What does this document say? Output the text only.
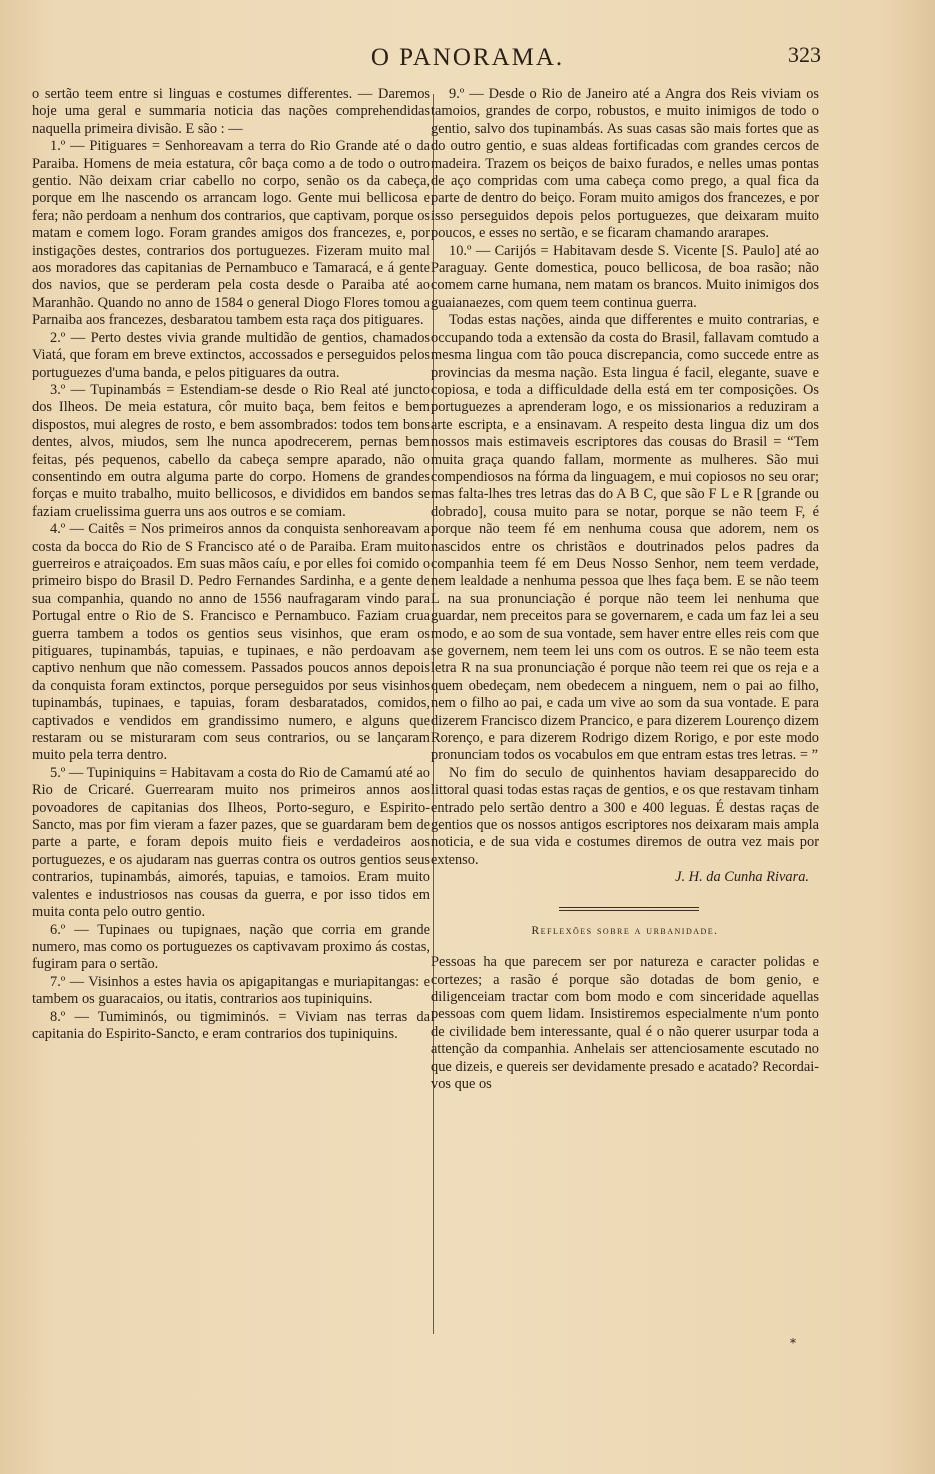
O PANORAMA.	323

o sertão teem entre si linguas e costumes differentes. — Daremos hoje uma geral e summaria noticia das nações comprehendidas naquella primeira divisão. E são : —

1.º — Pitiguares = Senhoreavam a terra do Rio Grande até o da Paraiba. Homens de meia estatura, côr baça como a de todo o outro gentio. Não deixam criar cabello no corpo, senão os da cabeça, porque em lhe nascendo os arrancam logo. Gente mui bellicosa e fera; não perdoam a nenhum dos contrarios, que captivam, porque os matam e comem logo. Foram grandes amigos dos francezes, e, por instigações destes, contrarios dos portuguezes. Fizeram muito mal aos moradores das capitanias de Pernambuco e Tamaracá, e á gente dos navios, que se perderam pela costa desde o Paraiba até ao Maranhão. Quando no anno de 1584 o general Diogo Flores tomou a Parnaiba aos francezes, desbaratou tambem esta raça dos pitiguares.

2.º — Perto destes vivia grande multidão de gentios, chamados Viatá, que foram em breve extinctos, accossados e perseguidos pelos portuguezes d'uma banda, e pelos pitiguares da outra.

3.º — Tupinambás = Estendiam-se desde o Rio Real até juncto dos Ilheos. De meia estatura, côr muito baça, bem feitos e bem dispostos, mui alegres de rosto, e bem assombrados: todos tem bons dentes, alvos, miudos, sem lhe nunca apodrecerem, pernas bem feitas, pés pequenos, cabello da cabeça sempre aparado, não o consentindo em outra alguma parte do corpo. Homens de grandes forças e muito trabalho, muito bellicosos, e divididos em bandos se faziam cruelissima guerra uns aos outros e se comiam.

4.º — Caitês = Nos primeiros annos da conquista senhoreavam a costa da bocca do Rio de S Francisco até o de Paraiba. Eram muito guerreiros e atraiçoados. Em suas mãos caíu, e por elles foi comido o primeiro bispo do Brasil D. Pedro Fernandes Sardinha, e a gente de sua companhia, quando no anno de 1556 naufragaram vindo para Portugal entre o Rio de S. Francisco e Pernambuco. Faziam crua guerra tambem a todos os gentios seus visinhos, que eram os pitiguares, tupinambás, tapuias, e tupinaes, e não perdoavam a captivo nenhum que não comessem. Passados poucos annos depois da conquista foram extinctos, porque perseguidos por seus visinhos tupinambás, tupinaes, e tapuias, foram desbaratados, comidos, captivados e vendidos em grandissimo numero, e alguns que restaram ou se misturaram com seus contrarios, ou se lançaram muito pela terra dentro.

5.º — Tupiniquins = Habitavam a costa do Rio de Camamú até ao Rio de Cricaré. Guerrearam muito nos primeiros annos aos povoadores de capitanias dos Ilheos, Porto-seguro, e Espirito-Sancto, mas por fim vieram a fazer pazes, que se guardaram bem de parte a parte, e foram depois muito fieis e verdadeiros aos portuguezes, e os ajudaram nas guerras contra os outros gentios seus contrarios, tupinambás, aimorés, tapuias, e tamoios. Eram muito valentes e industriosos nas cousas da guerra, e por isso tidos em muita conta pelo outro gentio.

6.º — Tupinaes ou tupignaes, nação que corria em grande numero, mas como os portuguezes os captivavam proximo ás costas, fugiram para o sertão.

7.º — Visinhos a estes havia os apigapitangas e muriapitangas: e tambem os guaracaios, ou itatis, contrarios aos tupiniquins.

8.º — Tumiminós, ou tigmiminós. = Viviam nas terras da capitania do Espirito-Sancto, e eram contrarios dos tupiniquins.

9.º — Desde o Rio de Janeiro até a Angra dos Reis viviam os tamoios, grandes de corpo, robustos, e muito inimigos de todo o gentio, salvo dos tupinambás. As suas casas são mais fortes que as do outro gentio, e suas aldeas fortificadas com grandes cercos de madeira. Trazem os beiços de baixo furados, e nelles umas pontas de aço compridas com uma cabeça como prego, a qual fica da parte de dentro do beiço. Foram muito amigos dos francezes, e por isso perseguidos depois pelos portuguezes, que deixaram muito poucos, e esses no sertão, e se ficaram chamando ararapes.

10.º — Carijós = Habitavam desde S. Vicente [S. Paulo] até ao Paraguay. Gente domestica, pouco bellicosa, de boa rasão; não comem carne humana, nem matam os brancos. Muito inimigos dos guaianaezes, com quem teem continua guerra.

Todas estas nações, ainda que differentes e muito contrarias, e occupando toda a extensão da costa do Brasil, fallavam comtudo a mesma lingua com tão pouca discrepancia, como succede entre as provincias da mesma nação. Esta lingua é facil, elegante, suave e copiosa, e toda a difficuldade della está em ter composições. Os portuguezes a aprenderam logo, e os missionarios a reduziram a arte escripta, e a ensinavam. A respeito desta lingua diz um dos nossos mais estimaveis escriptores das cousas do Brasil = “Tem muita graça quando fallam, mormente as mulheres. São mui compendiosos na fórma da linguagem, e mui copiosos no seu orar; mas falta-lhes tres letras das do A B C, que são F L e R [grande ou dobrado], cousa muito para se notar, porque se não teem F, é porque não teem fé em nenhuma cousa que adorem, nem os nascidos entre os christãos e doutrinados pelos padres da companhia teem fé em Deus Nosso Senhor, nem teem verdade, nem lealdade a nenhuma pessoa que lhes faça bem. E se não teem L na sua pronunciação é porque não teem lei nenhuma que guardar, nem preceitos para se governarem, e cada um faz lei a seu modo, e ao som de sua vontade, sem haver entre elles reis com que se governem, nem teem lei uns com os outros. E se não teem esta letra R na sua pronunciação é porque não teem rei que os reja e a quem obedeçam, nem obedecem a ninguem, nem o pai ao filho, nem o filho ao pai, e cada um vive ao som da sua vontade. E para dizerem Francisco dizem Prancico, e para dizerem Lourenço dizem Rorenço, e para dizerem Rodrigo dizem Rorigo, e por este modo pronunciam todos os vocabulos em que entram estas tres letras. = ”

No fim do seculo de quinhentos haviam desapparecido do littoral quasi todas estas raças de gentios, e os que restavam tinham entrado pelo sertão dentro a 300 e 400 leguas. É destas raças de gentios que os nossos antigos escriptores nos deixaram mais ampla noticia, e de sua vida e costumes diremos de outra vez mais por extenso.

J. H. da Cunha Rivara.

Reflexões sobre a urbanidade.

Pessoas ha que parecem ser por natureza e caracter polidas e cortezes; a rasão é porque são dotadas de bom genio, e diligenceiam tractar com bom modo e com sinceridade aquellas pessoas com quem lidam. Insistiremos especialmente n'um ponto de civilidade bem interessante, qual é o não querer usurpar toda a attenção da companhia. Anhelais ser attenciosamente escutado no que dizeis, e quereis ser devidamente presado e acatado? Recordai-vos que os

*
